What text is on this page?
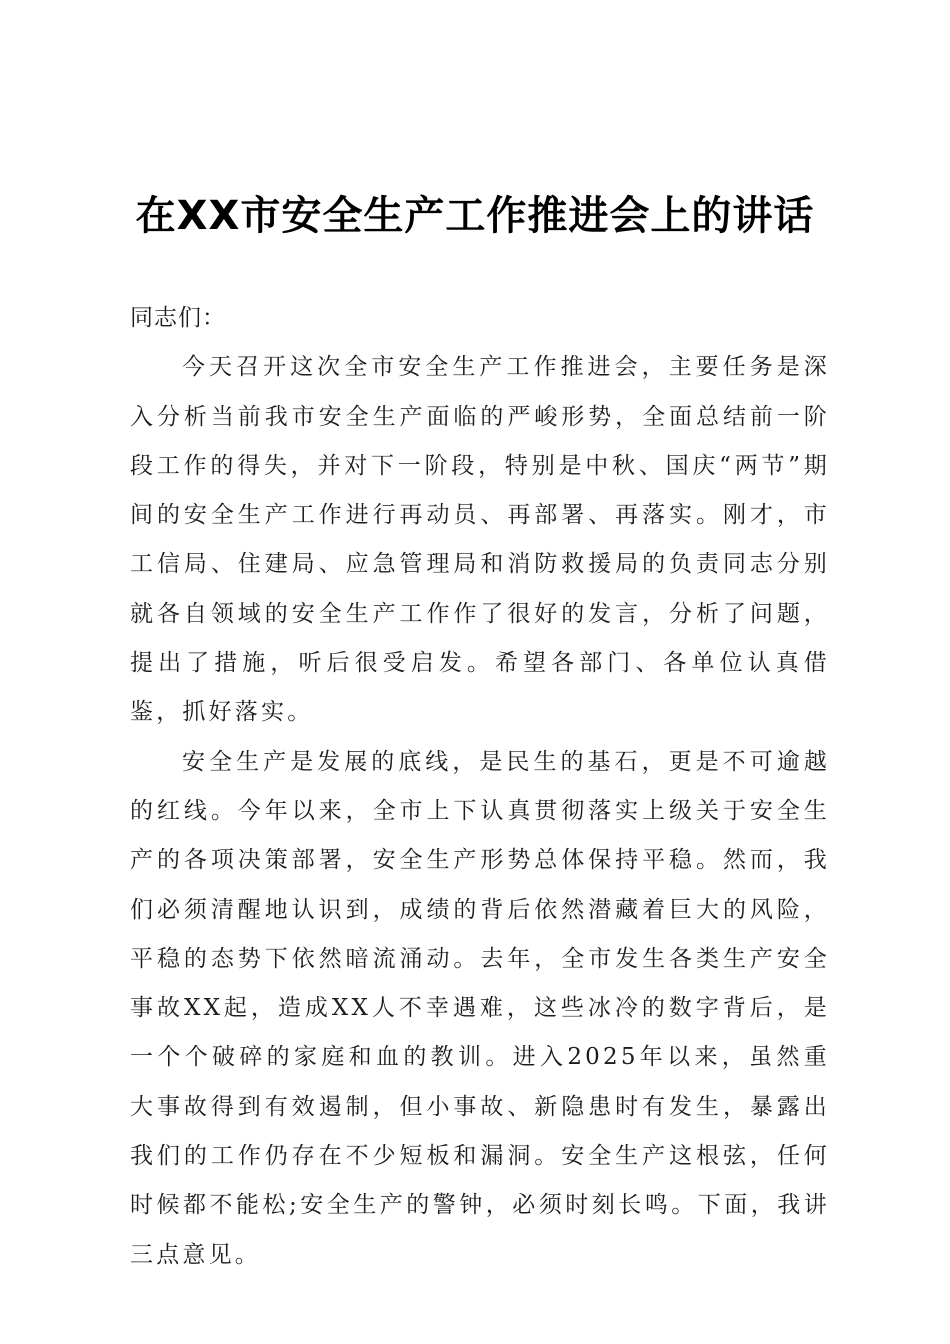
在XX市安全生产工作推进会上的讲话

同志们：

今天召开这次全市安全生产工作推进会，主要任务是深入分析当前我市安全生产面临的严峻形势，全面总结前一阶段工作的得失，并对下一阶段，特别是中秋、国庆“两节”期间的安全生产工作进行再动员、再部署、再落实。刚才，市工信局、住建局、应急管理局和消防救援局的负责同志分别就各自领域的安全生产工作作了很好的发言，分析了问题，提出了措施，听后很受启发。希望各部门、各单位认真借鉴，抓好落实。

安全生产是发展的底线，是民生的基石，更是不可逾越的红线。今年以来，全市上下认真贯彻落实上级关于安全生产的各项决策部署，安全生产形势总体保持平稳。然而，我们必须清醒地认识到，成绩的背后依然潜藏着巨大的风险，平稳的态势下依然暗流涌动。去年，全市发生各类生产安全事故XX起，造成XX人不幸遇难，这些冰冷的数字背后，是一个个破碎的家庭和血的教训。进入2025年以来，虽然重大事故得到有效遏制，但小事故、新隐患时有发生，暴露出我们的工作仍存在不少短板和漏洞。安全生产这根弦，任何时候都不能松;安全生产的警钟，必须时刻长鸣。下面，我讲三点意见。
